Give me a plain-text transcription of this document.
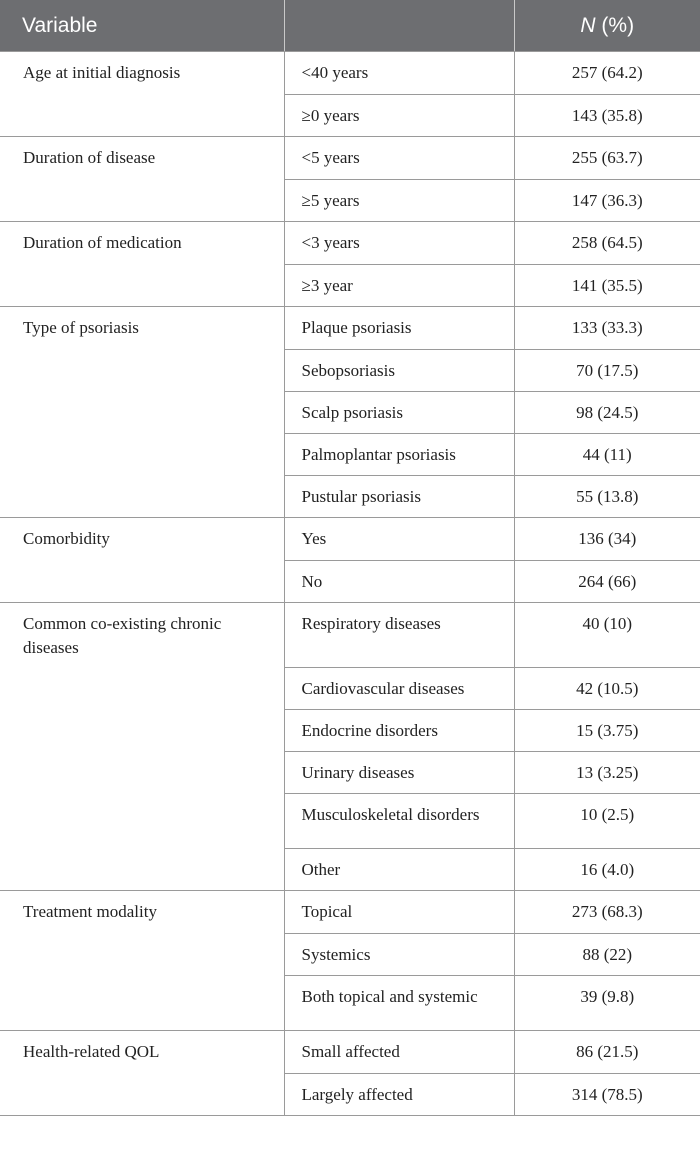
Variable		N (%)
Age at initial diagnosis	<40 years	257 (64.2)
	≥0 years	143 (35.8)
Duration of disease	<5 years	255 (63.7)
	≥5 years	147 (36.3)
Duration of medication	<3 years	258 (64.5)
	≥3 year	141 (35.5)
Type of psoriasis	Plaque psoriasis	133 (33.3)
	Sebopsoriasis	70 (17.5)
	Scalp psoriasis	98 (24.5)
	Palmoplantar psoriasis	44 (11)
	Pustular psoriasis	55 (13.8)
Comorbidity	Yes	136 (34)
	No	264 (66)
Common co-existing chronic diseases	Respiratory diseases	40 (10)
	Cardiovascular diseases	42 (10.5)
	Endocrine disorders	15 (3.75)
	Urinary diseases	13 (3.25)
	Musculoskeletal disorders	10 (2.5)
	Other	16 (4.0)
Treatment modality	Topical	273 (68.3)
	Systemics	88 (22)
	Both topical and systemic	39 (9.8)
Health-related QOL	Small affected	86 (21.5)
	Largely affected	314 (78.5)
